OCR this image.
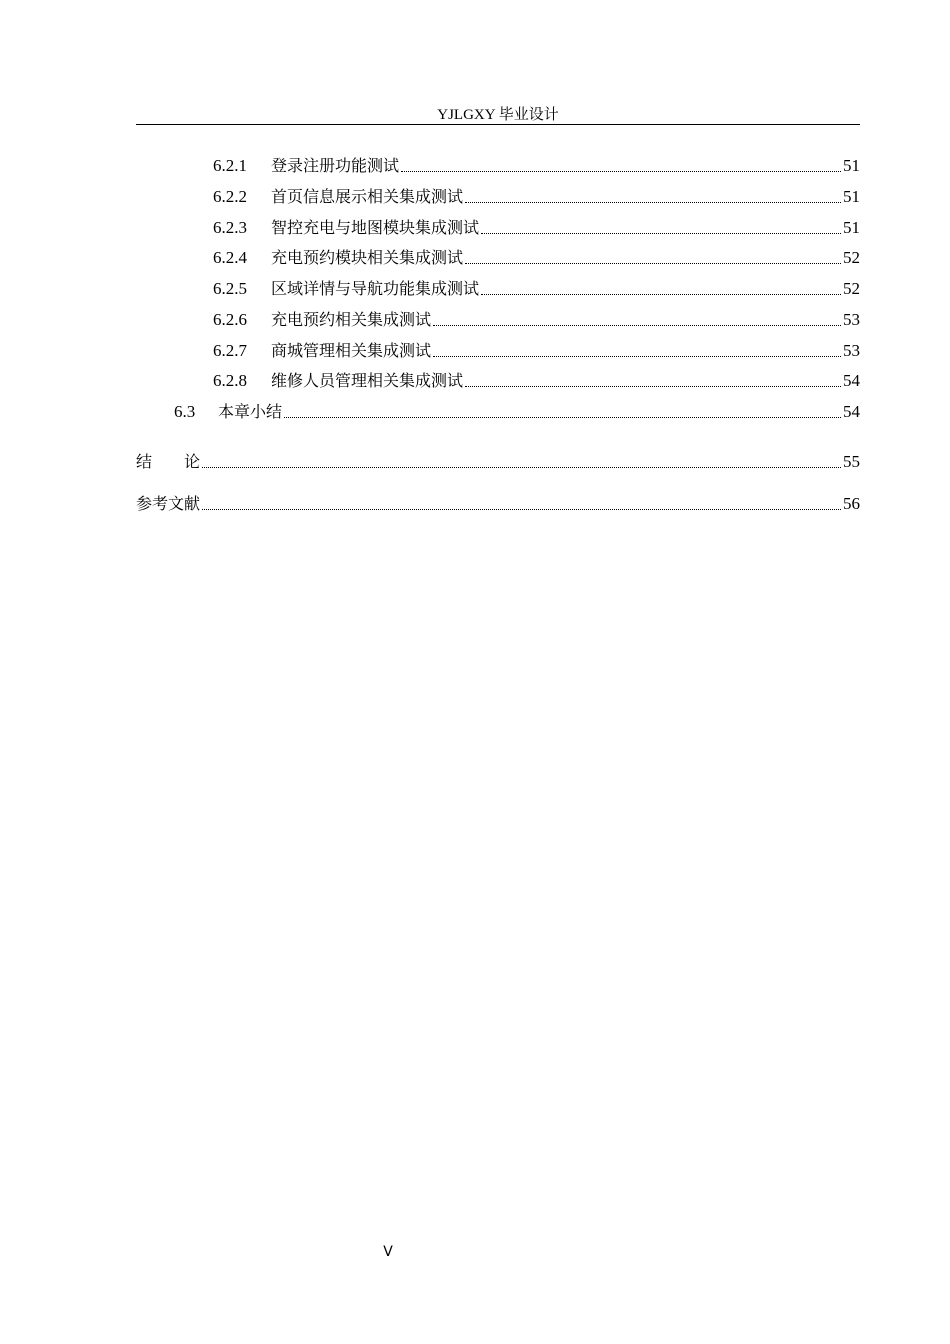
YJLGXY 毕业设计
6.2.1	登录注册功能测试	51
6.2.2	首页信息展示相关集成测试	51
6.2.3	智控充电与地图模块集成测试	51
6.2.4	充电预约模块相关集成测试	52
6.2.5	区域详情与导航功能集成测试	52
6.2.6	充电预约相关集成测试	53
6.2.7	商城管理相关集成测试	53
6.2.8	维修人员管理相关集成测试	54
6.3	本章小结	54
结　　论	55
参考文献	56
V
